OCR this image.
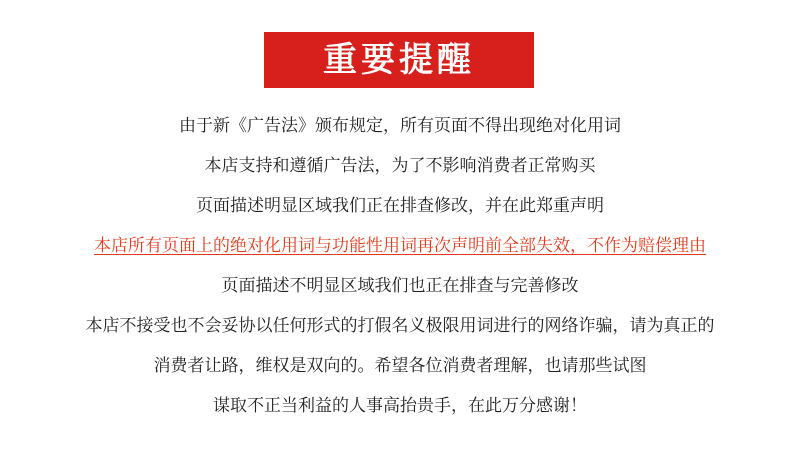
重要提醒
由于新《广告法》颁布规定，所有页面不得出现绝对化用词
本店支持和遵循广告法，为了不影响消费者正常购买
页面描述明显区域我们正在排查修改，并在此郑重声明
本店所有页面上的绝对化用词与功能性用词再次声明前全部失效，不作为赔偿理由
页面描述不明显区域我们也正在排查与完善修改
本店不接受也不会妥协以任何形式的打假名义极限用词进行的网络诈骗，请为真正的
消费者让路，维权是双向的。希望各位消费者理解，也请那些试图
谋取不正当利益的人事高抬贵手，在此万分感谢！
